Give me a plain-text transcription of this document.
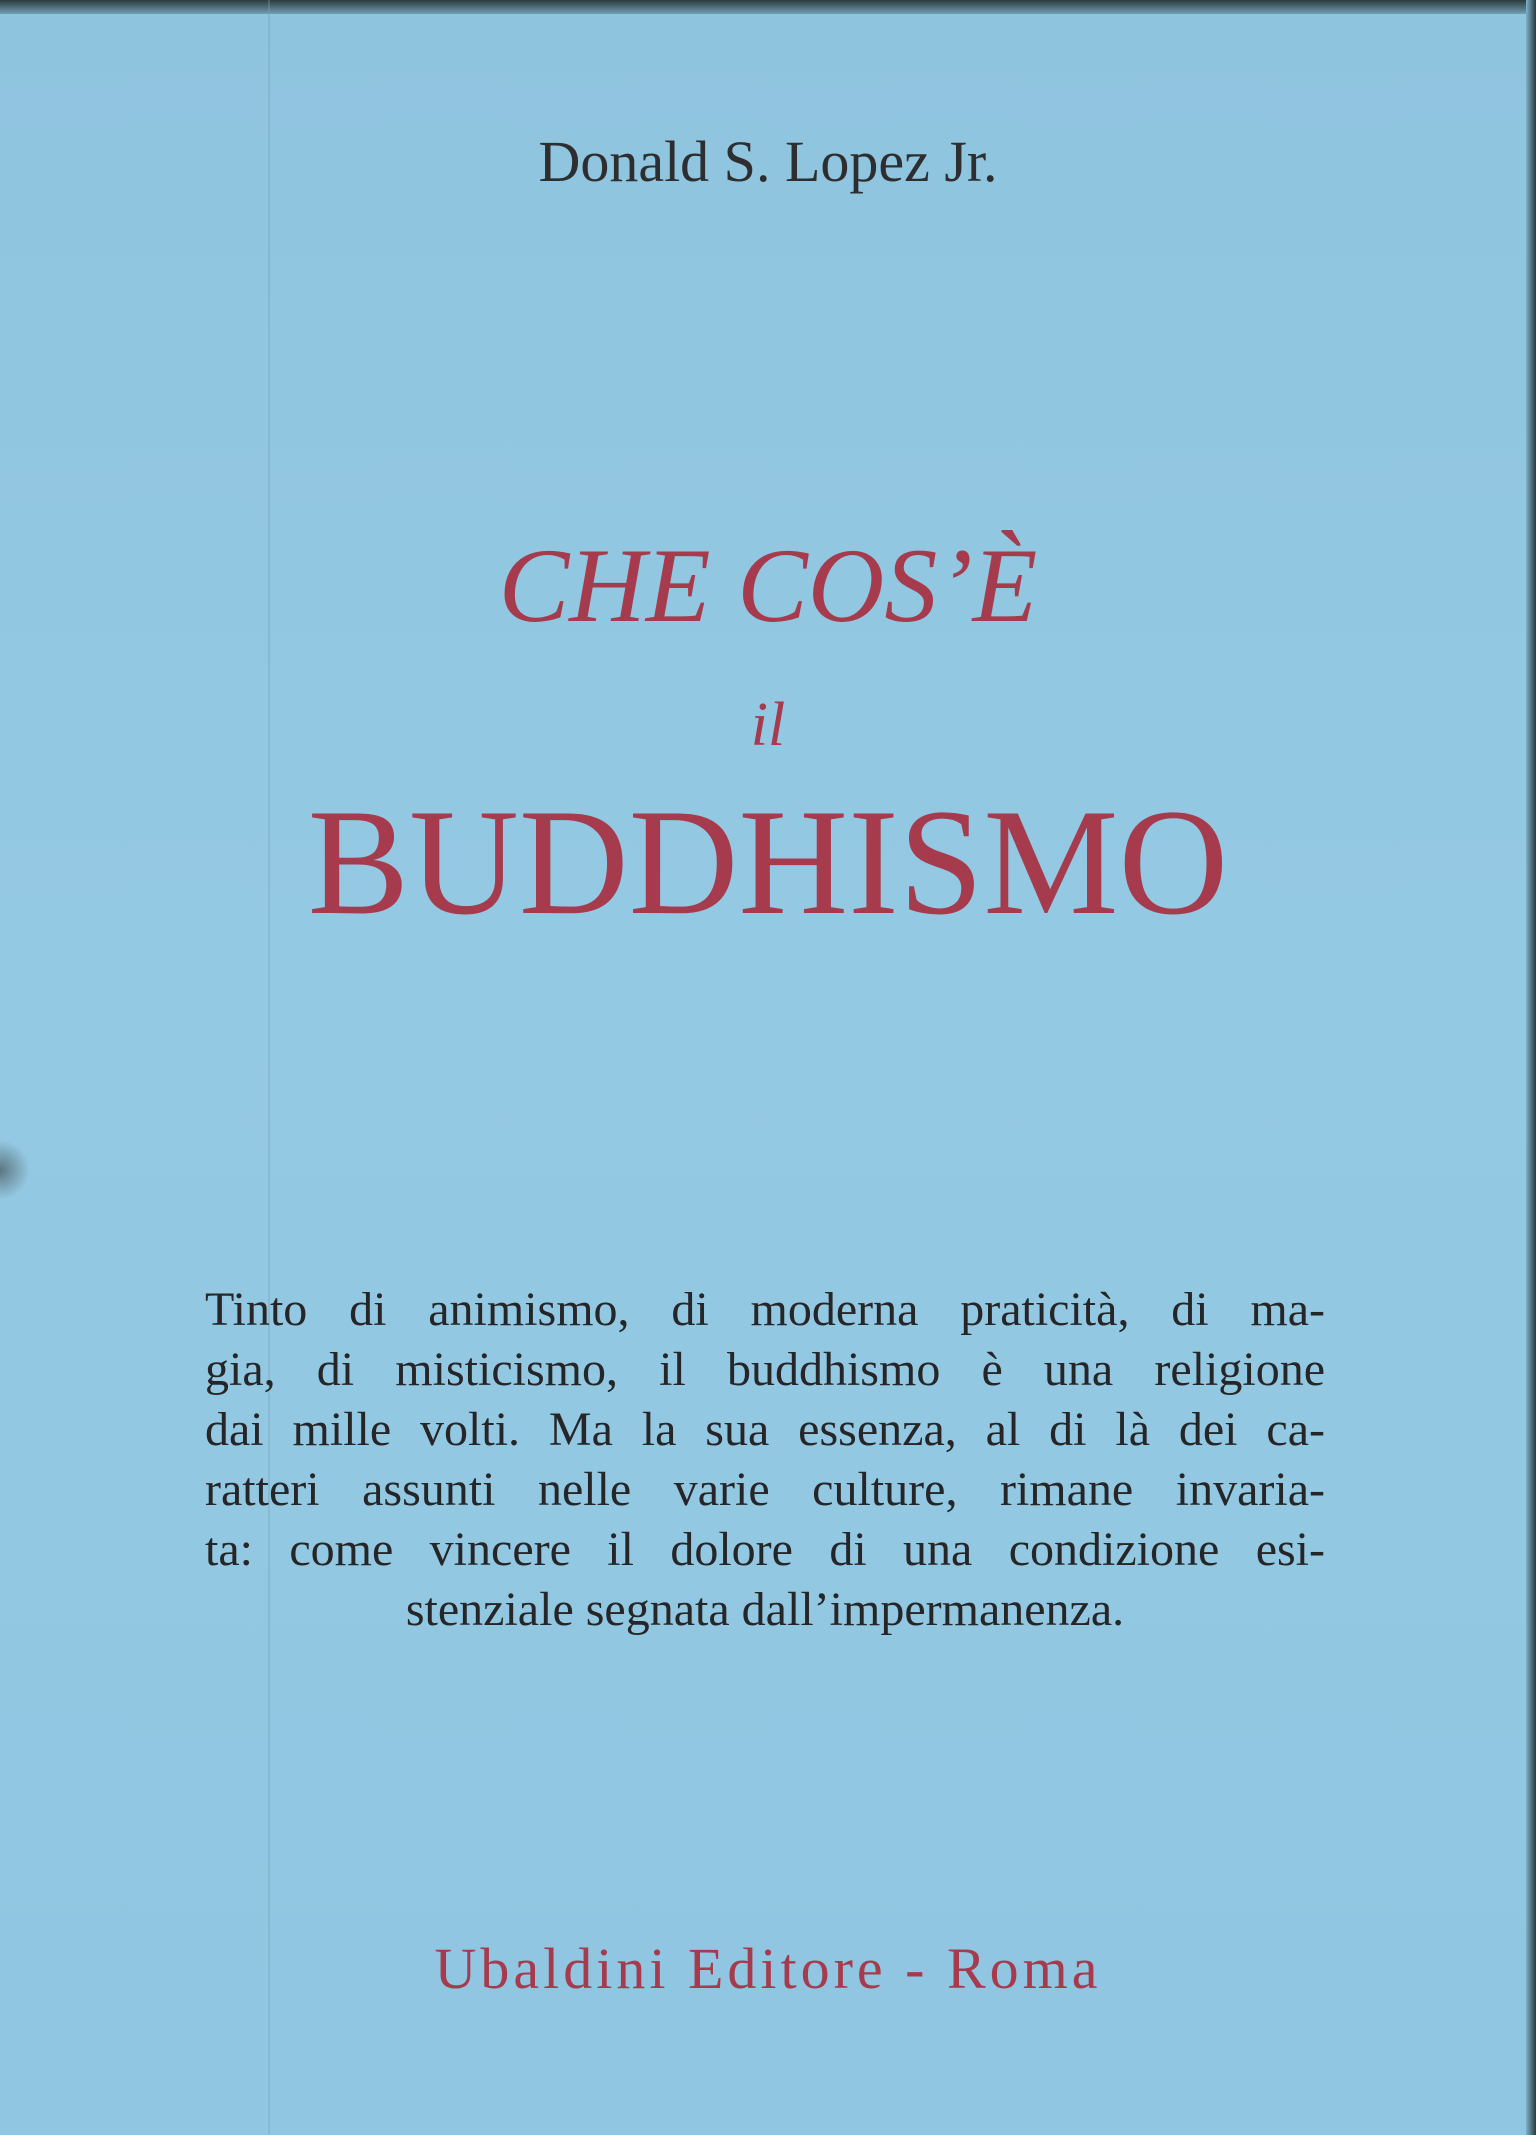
Donald S. Lopez Jr.
CHE COS’È
il
BUDDHISMO
Tinto di animismo, di moderna praticità, di ma-
gia, di misticismo, il buddhismo è una religione
dai mille volti. Ma la sua essenza, al di là dei ca-
ratteri assunti nelle varie culture, rimane invaria-
ta: come vincere il dolore di una condizione esi-
stenziale segnata dall’impermanenza.
Ubaldini Editore - Roma
